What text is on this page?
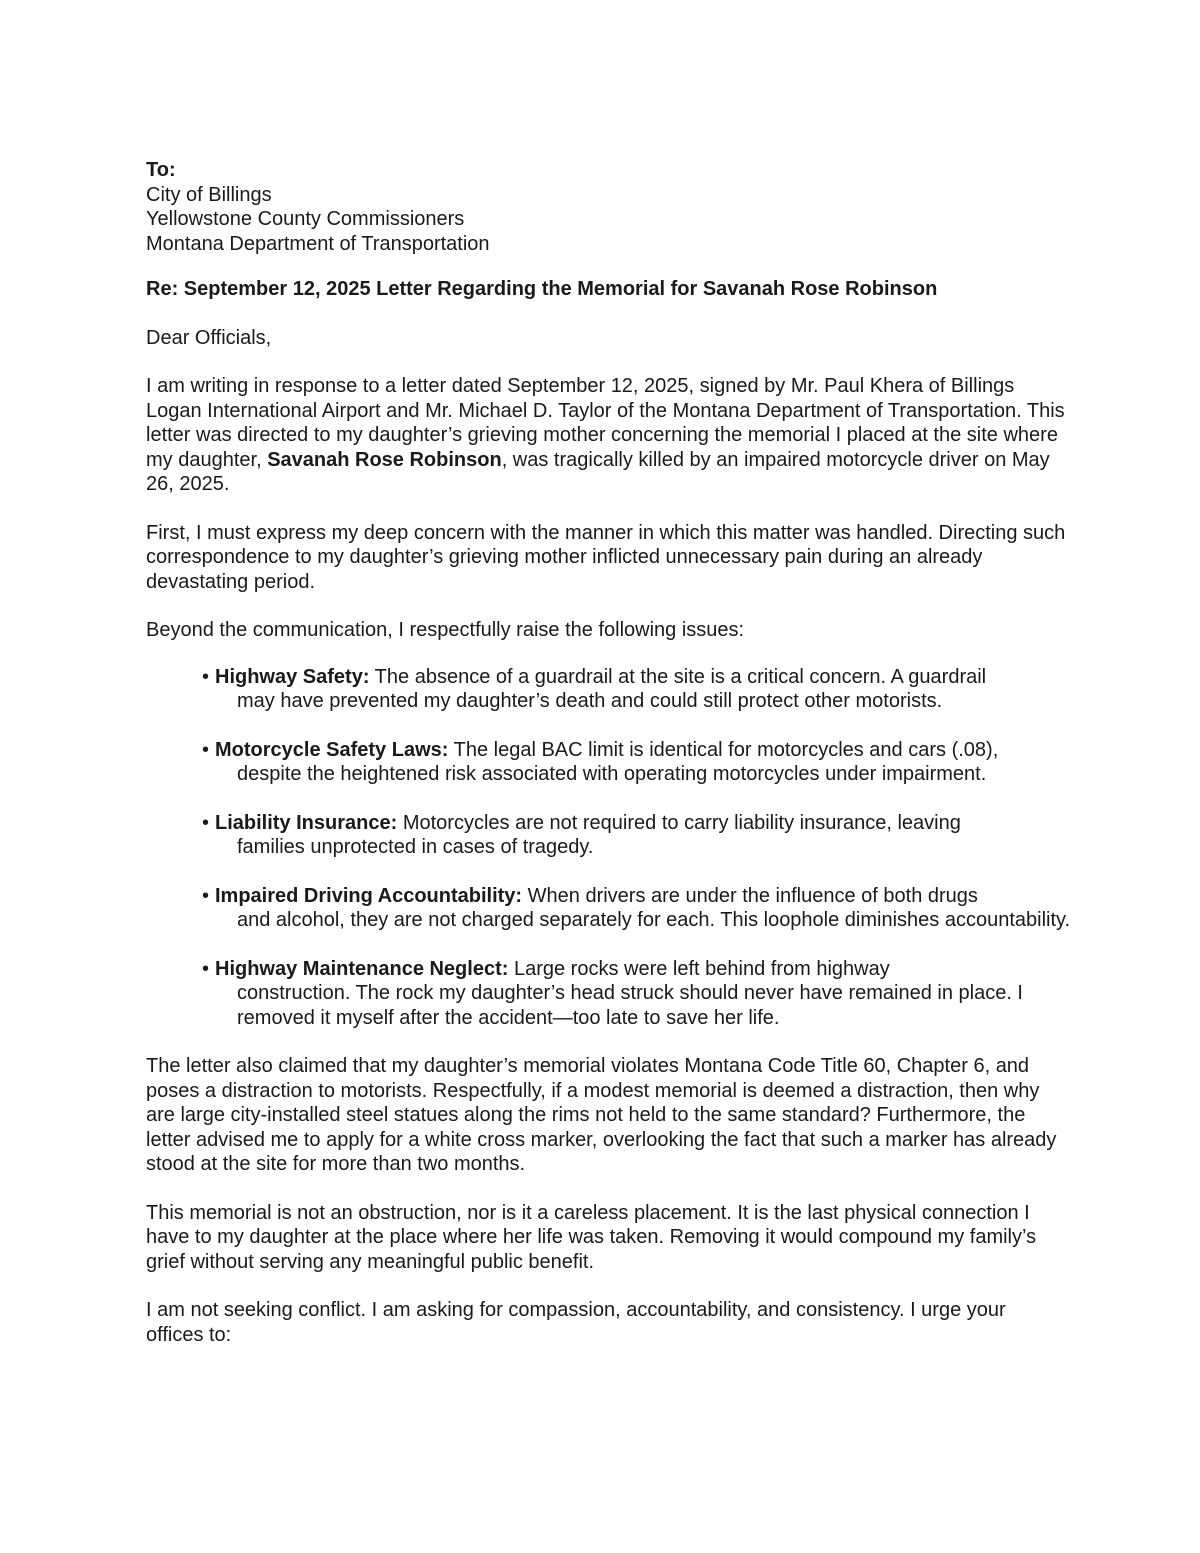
To:

City of Billings
Yellowstone County Commissioners
Montana Department of Transportation

Re: September 12, 2025 Letter Regarding the Memorial for Savanah Rose Robinson

Dear Officials,

I am writing in response to a letter dated September 12, 2025, signed by Mr. Paul Khera of Billings Logan International Airport and Mr. Michael D. Taylor of the Montana Department of Transportation. This letter was directed to my daughter’s grieving mother concerning the memorial I placed at the site where my daughter, Savanah Rose Robinson, was tragically killed by an impaired motorcycle driver on May 26, 2025.

First, I must express my deep concern with the manner in which this matter was handled. Directing such correspondence to my daughter’s grieving mother inflicted unnecessary pain during an already devastating period.

Beyond the communication, I respectfully raise the following issues:

• Highway Safety: The absence of a guardrail at the site is a critical concern. A guardrail
may have prevented my daughter’s death and could still protect other motorists.
• Motorcycle Safety Laws: The legal BAC limit is identical for motorcycles and cars (.08),
despite the heightened risk associated with operating motorcycles under impairment.
• Liability Insurance: Motorcycles are not required to carry liability insurance, leaving
families unprotected in cases of tragedy.
• Impaired Driving Accountability: When drivers are under the influence of both drugs
and alcohol, they are not charged separately for each. This loophole diminishes accountability.
• Highway Maintenance Neglect: Large rocks were left behind from highway
construction. The rock my daughter’s head struck should never have remained in place. I removed it myself after the accident—too late to save her life.

The letter also claimed that my daughter’s memorial violates Montana Code Title 60, Chapter 6, and poses a distraction to motorists. Respectfully, if a modest memorial is deemed a distraction, then why are large city-installed steel statues along the rims not held to the same standard? Furthermore, the letter advised me to apply for a white cross marker, overlooking the fact that such a marker has already stood at the site for more than two months.

This memorial is not an obstruction, nor is it a careless placement. It is the last physical connection I have to my daughter at the place where her life was taken. Removing it would compound my family’s grief without serving any meaningful public benefit.

I am not seeking conflict. I am asking for compassion, accountability, and consistency. I urge your offices to:
